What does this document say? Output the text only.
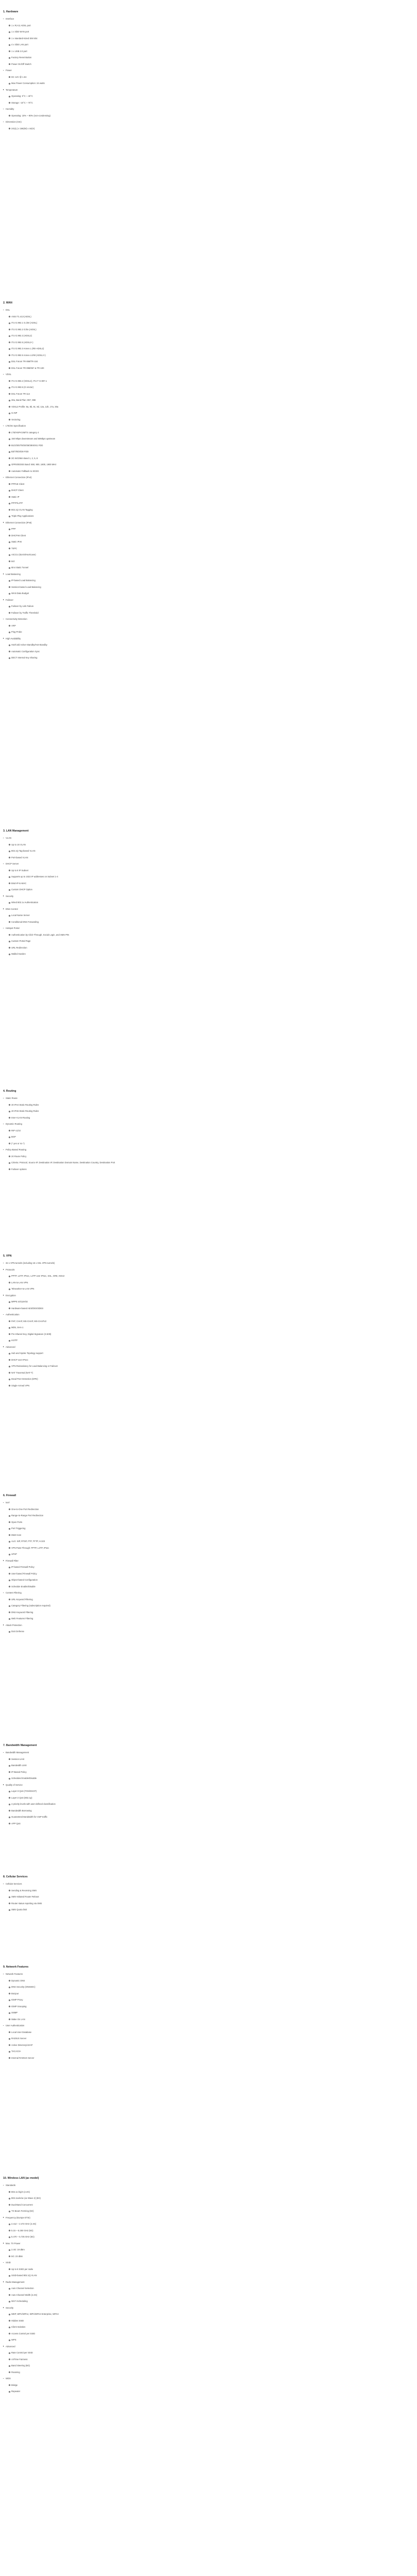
1. Hardware
Interface
1 x RJ-11 ADSL port
1 x GbE WAN port
1 x standard-sized SIM slot
4 x GbE LAN port
1 x USB 2.0 port
Factory Reset Button
Power On/Off Switch
Power
DC 12V @ 1.5A
Max Power Consumption: 24 watts
Temperature
Operating: 0°C ~ 40°C
Storage: -10°C ~ 70°C
Humidity
Operating: 10% ~ 90% (non-condensing)
Dimension (mm)
241(L) x 166(W) x 44(H)
2. WAN
DSL
ANSI T1.413 (ADSL)
ITU G.992.1 G.dmt (ADSL)
ITU G.992.2 G.lite (ADSL)
ITU G.992.3 (ADSL2)
ITU G.992.5 (ADSL2+)
ITU G.992.3 Annex L (RE-ADSL2)
ITU G.992.5 Annex L/J/M (ADSL2+)
DSL Forum TR-069/TR-104
DSL Forum TR-098/067 & TR-100
VDSL
ITU G.993.2 (VDSL2), ITU-T G.997.1
ITU G.993.5 (G.Vector)
DSL Forum TR-114
30a, Band Plan: 997, 998
VDSL2 Profile: 8a, 8b, 8c, 8d, 12a, 12b, 17a, 30a
G.INP
Vectoring
LTE/3G Specification
LTE/HSPA/UMTS category 4
150 Mbps downstream and 50Mbps upstream
B1/2/3/5/7/8/20/28/38/40/41 FDD
B3/7/8/20/28 FDD
3G WCDMA Band 1, 2, 5, 8
GPRS/EDGE Band: 850, 900, 1800, 1900 MHz
Automatic Fallback to 3G/2G
Ethernet Connection (IPv4)
PPPoE Client
DHCP Client
Static IP
PPTP/L2TP
802.1Q VLAN Tagging
Triple-Play Applications
Ethernet Connection (IPv6)
PPP
DHCPv6 Client
Static IPv6
TSPC
AICCU (SixXS/Hurricane)
6rd
6in4 Static Tunnel
Load Balancing
IP-based Load Balancing
Session-based Load Balancing
WAN Data Budget
Failover
Failover by Link Failure
Failover by Traffic Threshold
Connectivity Detection
ARP
Ping Probe
High Availability
Hot/Cold Active-Standby/Hot-Standby
Automatic Configuration Sync
DECT Internal Key Sharing
3. LAN Management
VLAN
Up to 16 VLAN
802.1Q Tag-based VLAN
Port-based VLAN
DHCP Server
Up to 8 IP Subnet
Supports up to 1022 IP addresses on Subnet 1-4
Bind-IP-to-MAC
Custom DHCP Option
Security
Wired 802.1x Authentication
DNS Control
Local Name Server
Conditional DNS Forwarding
Hotspot Portal
Authentication by Click-Through, Social Login, and SMS PIN
Custom Portal Page
URL Redirection
Walled Garden
4. Routing
Static Route
40 IPv4 Static Routing Rules
40 IPv6 Static Routing Rules
Inter-VLAN Routing
Dynamic Routing
RIP v1/v2
BGP
(* yes or no *)
Policy-Based Routing
20 Route Policy
Criteria: Protocol, Source IP, Destination IP, Destination Domain Name, Destination Country, Destination Port
Failover options
5. VPN
32 x VPN tunnels (including 16 x SSL VPN tunnels)
Protocols
PPTP, L2TP, IPsec, L2TP over IPsec, SSL, GRE, IKEv2
LAN-to-LAN VPN
Teleworker-to-LAN VPN
Encryption
MPPE 40/128-bit
Hardware-based AES/DES/3DES
Authentication
PAP, CHAP, MS-CHAP, MS-CHAPv2
MD5, SHA-1
Pre-Shared Key, Digital Signature (X.509)
mOTP
Advanced
Hub and Spoke Topology support
DHCP over IPsec
VPN Redundancy for Load Balancing or Failover
NAT Traversal (NAT-T)
Dead Peer Detection (DPD)
Single-Armed VPN
6. Firewall
NAT
One-to-One Port Redirection
Range-to-Range Port Redirection
Open Ports
Port Triggering
DMZ Host
ALG: SIP, RTSP, FTP, TFTP, H.323
VPN Pass-Through: PPTP, L2TP, IPsec
UPnP
Firewall Filter
IP-based Firewall Policy
User-based Firewall Policy
Object-based Configuration
Schedule Enable/Disable
Content Filtering
URL Keyword Filtering
Category Filtering (subscription required)
DNS Keyword Filtering
Web Features Filtering
Attack Protection
DoS Defense
7. Bandwidth Management
Bandwidth Management
Session Limit
Bandwidth Limit
IP-Based Policy
Scheduled Enable/Disable
Quality of Service
Layer-3 QoS (TOS/DSCP)
Layer-2 QoS (802.1p)
4 priority levels with user-defined classification
Bandwidth Borrowing
Guaranteed Bandwidth for VoIP traffic
APP QoS
8. Cellular Services
Cellular Services
Sending & Receiving SMS
SMS-Initiated Router Reboot
Router status reporting via SMS
SMS Quota limit
9. Network Features
Network Features
Dynamic DNS
DNS Security (DNSSEC)
Bonjour
IGMP Proxy
IGMP Snooping
SNMP
Wake On LAN
User Authentication
Local User Database
RADIUS Server
Active Directory/LDAP
TACACS+
Internal RADIUS Server
10. Wireless LAN (ac model)
Standards
802.11 b/g/n (2.4G)
802.11a/n/ac (ac Wave 2) (5G)
Dual-Band Concurrent
TX Beam Forming (5G)
Frequency (Europe ETSI)
2.412 ~ 2.472 GHz (2.4G)
5.15 ~ 5.250 GHz (5G)
5.470 ~ 5.725 GHz (5G)
Max. TX Power
2.4G: 19 dBm
5G: 23 dBm
SSID
Up to 8 SSID per radio
SSID-based 802.1Q VLAN
Radio Management
Auto Channel Selection
Auto Channel Width (2.4G)
Wi-Fi Scheduling
Security
WEP, WPA/WPA2, WPA/WPA2 Enterprise, WPA3
Hidden SSID
Client Isolation
Access Control per SSID
WPS
Advanced
Rate Control per SSID
AirTime Fairness
Band Steering (5G)
Roaming
WDS
Bridge
Repeater
